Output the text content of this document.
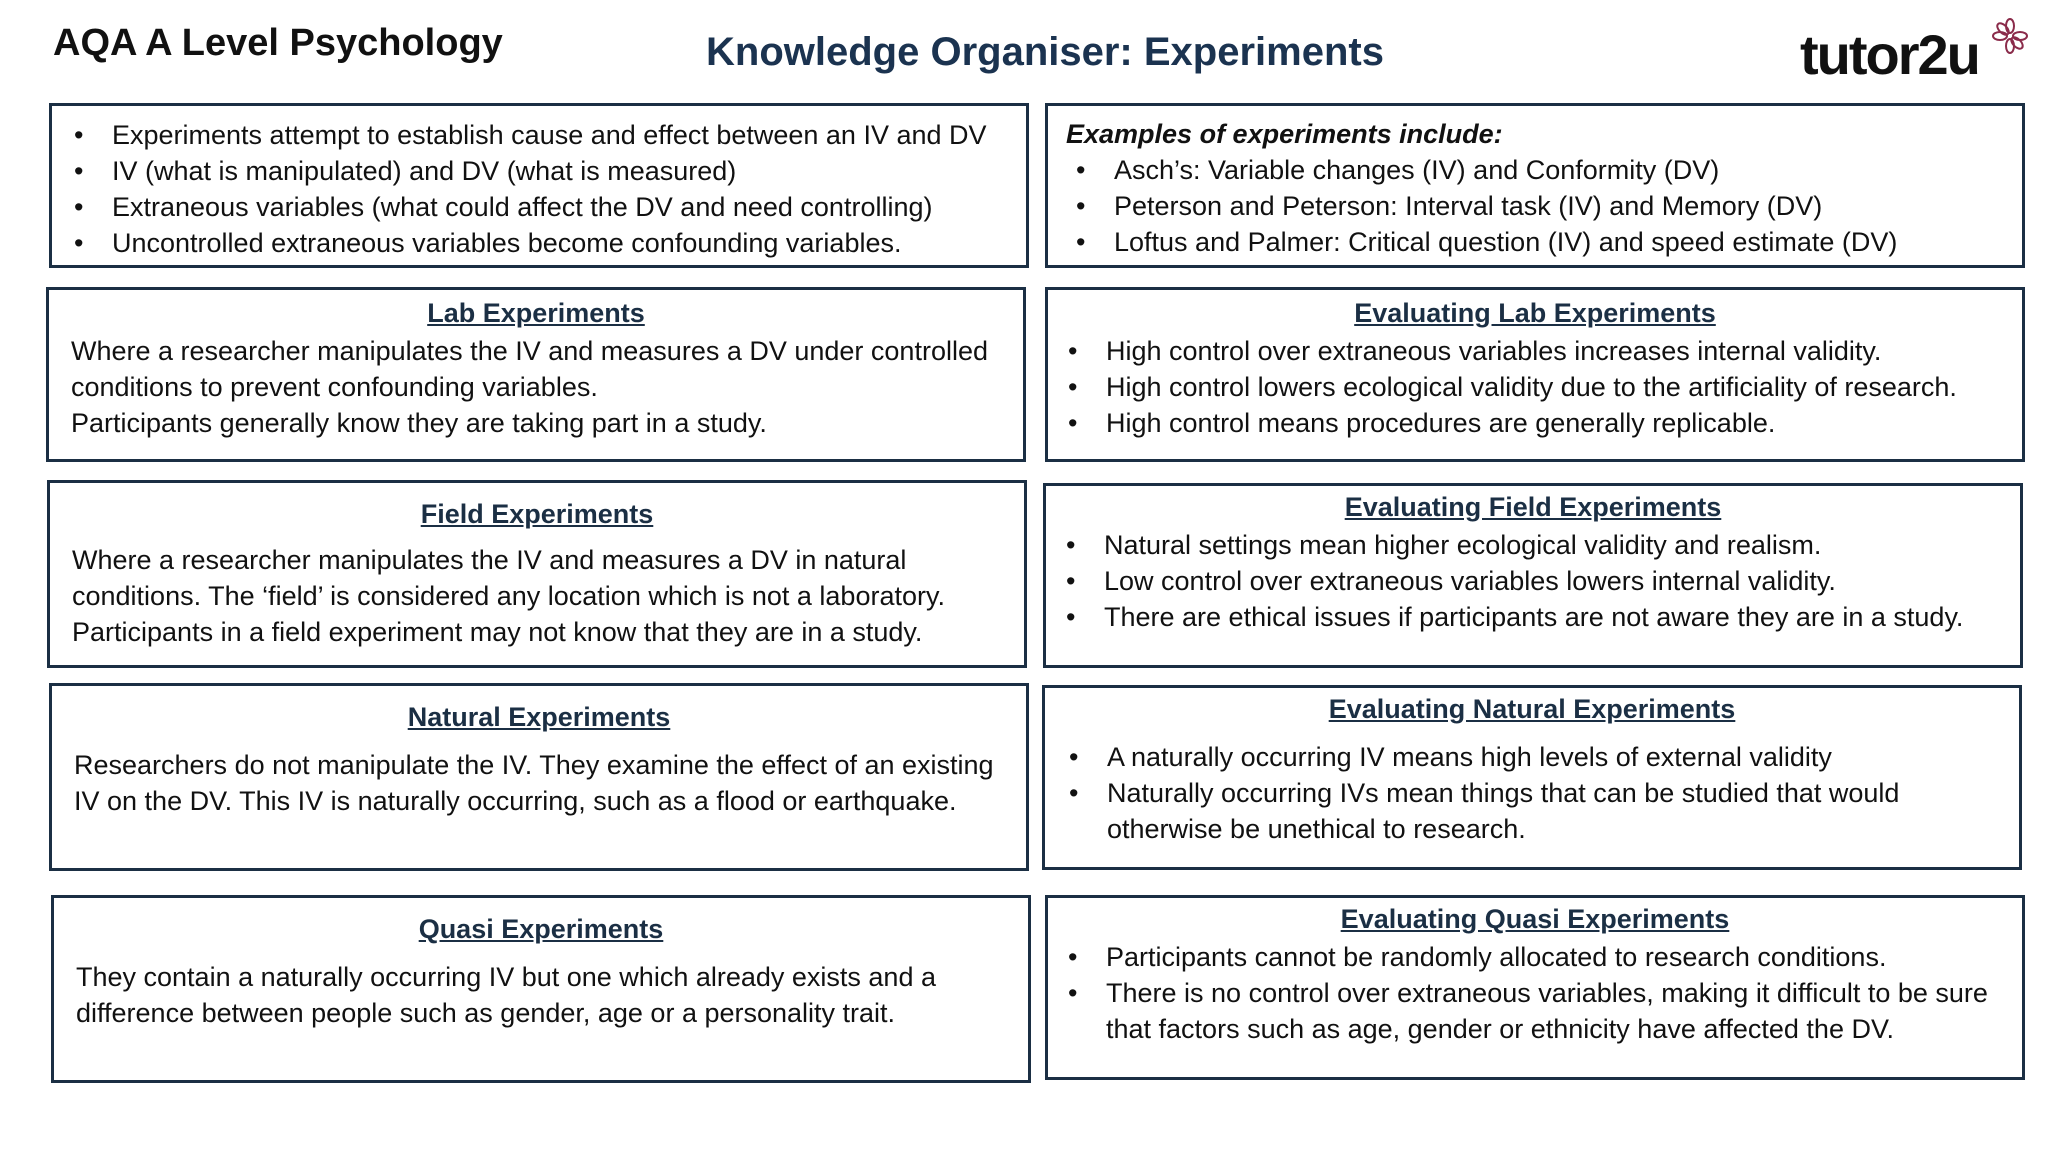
AQA A Level Psychology	Knowledge Organiser: Experiments	tutor2u
• Experiments attempt to establish cause and effect between an IV and DV
• IV (what is manipulated) and DV (what is measured)
• Extraneous variables (what could affect the DV and need controlling)
• Uncontrolled extraneous variables become confounding variables.
Examples of experiments include:
• Asch’s: Variable changes (IV) and Conformity (DV)
• Peterson and Peterson: Interval task (IV) and Memory (DV)
• Loftus and Palmer: Critical question (IV) and speed estimate (DV)
Lab Experiments

Where a researcher manipulates the IV and measures a DV under controlled conditions to prevent confounding variables.

Participants generally know they are taking part in a study.

Evaluating Lab Experiments
• High control over extraneous variables increases internal validity.
• High control lowers ecological validity due to the artificiality of research.
• High control means procedures are generally replicable.
Field Experiments
Where a researcher manipulates the IV and measures a DV in natural conditions. The ‘field’ is considered any location which is not a laboratory. Participants in a field experiment may not know that they are in a study.
Evaluating Field Experiments
• Natural settings mean higher ecological validity and realism.
• Low control over extraneous variables lowers internal validity.
• There are ethical issues if participants are not aware they are in a study.
Natural Experiments
Researchers do not manipulate the IV. They examine the effect of an existing IV on the DV. This IV is naturally occurring, such as a flood or earthquake.
Evaluating Natural Experiments
• A naturally occurring IV means high levels of external validity
• Naturally occurring IVs mean things that can be studied that would otherwise be unethical to research.
Quasi Experiments
They contain a naturally occurring IV but one which already exists and a difference between people such as gender, age or a personality trait.
Evaluating Quasi Experiments
• Participants cannot be randomly allocated to research conditions.
• There is no control over extraneous variables, making it difficult to be sure that factors such as age, gender or ethnicity have affected the DV.
